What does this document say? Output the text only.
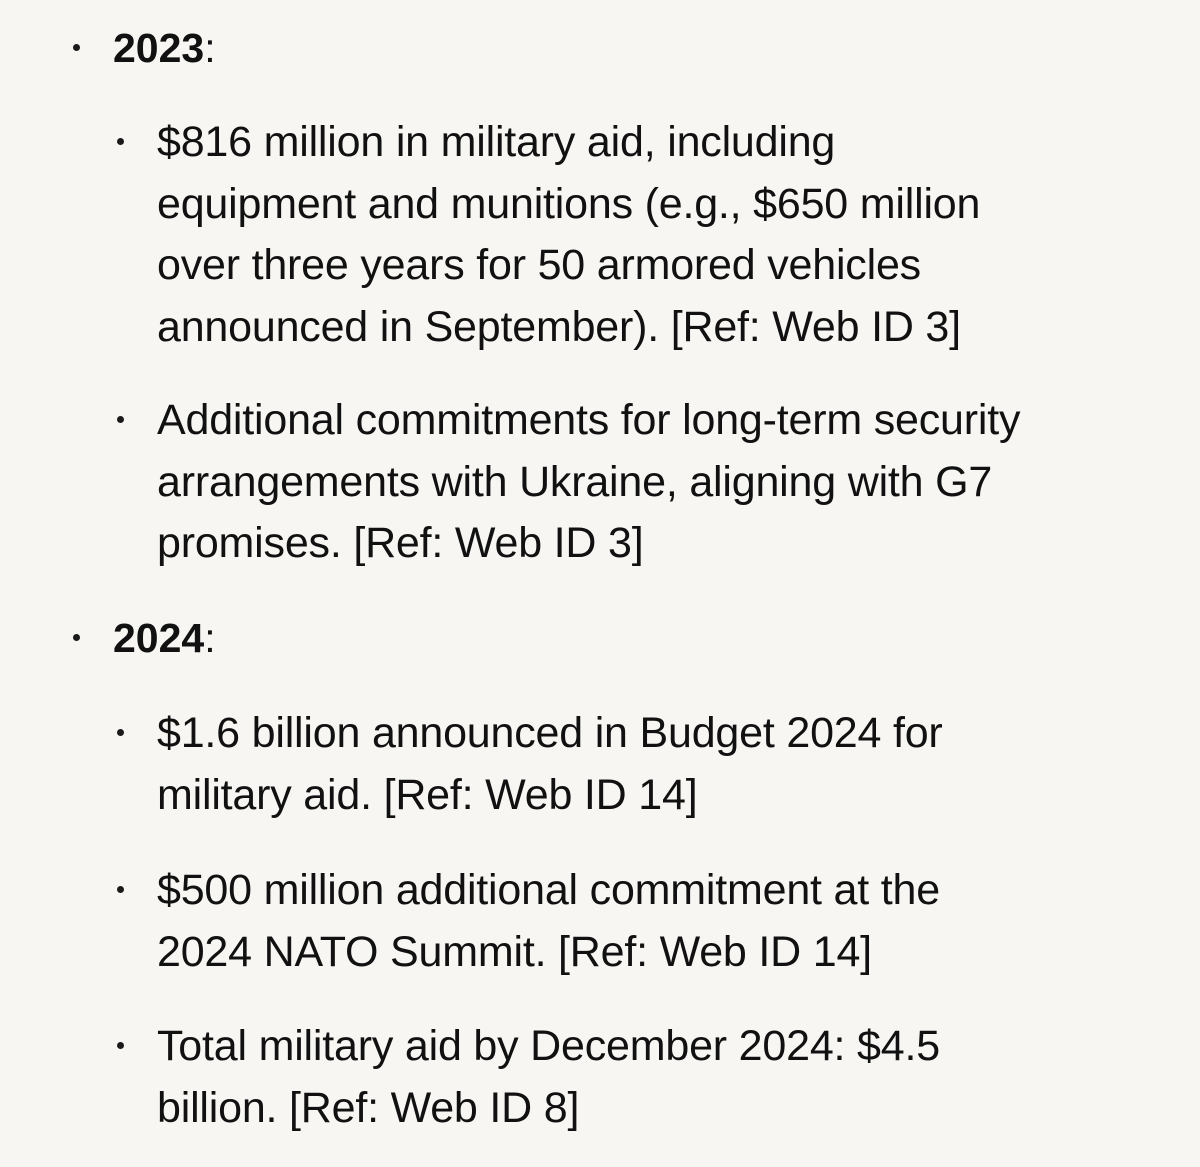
2023:
$816 million in military aid, including
equipment and munitions (e.g., $650 million
over three years for 50 armored vehicles
announced in September). [Ref: Web ID 3]
Additional commitments for long-term security
arrangements with Ukraine, aligning with G7
promises. [Ref: Web ID 3]
2024:
$1.6 billion announced in Budget 2024 for
military aid. [Ref: Web ID 14]
$500 million additional commitment at the
2024 NATO Summit. [Ref: Web ID 14]
Total military aid by December 2024: $4.5
billion. [Ref: Web ID 8]
